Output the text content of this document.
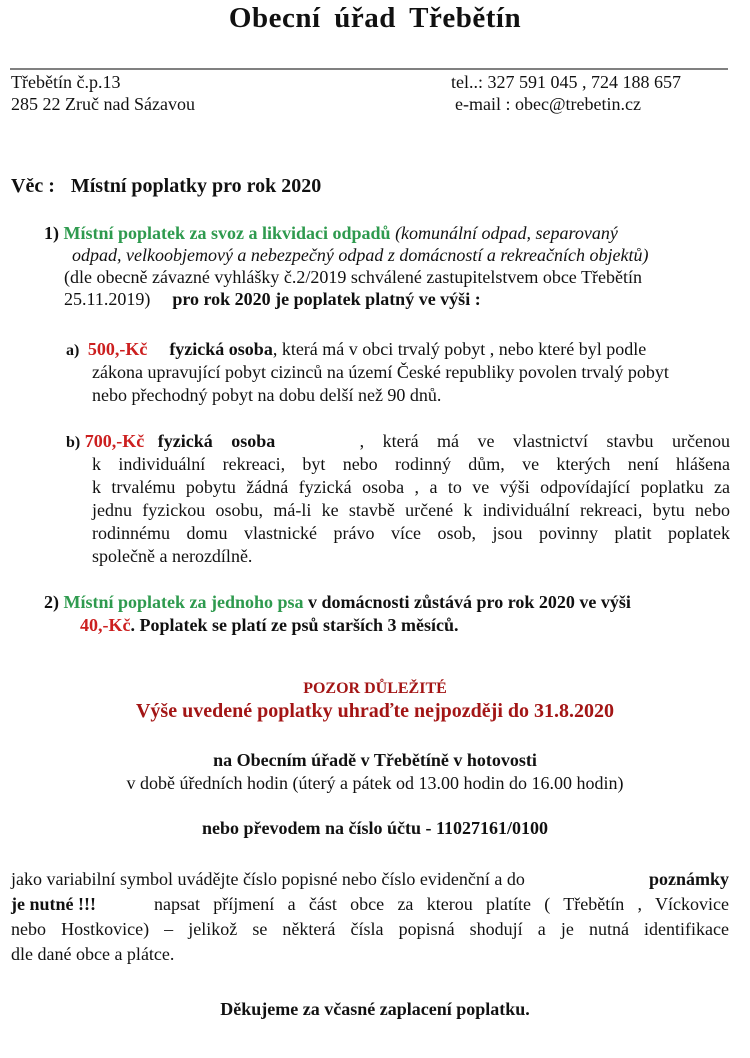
Obecní úřad Třebětín
Třebětín č.p.13
285 22 Zruč nad Sázavou
tel..: 327 591 045 , 724 188 657
e-mail : obec@trebetin.cz
Věc : Místní poplatky pro rok 2020
1) Místní poplatek za svoz a likvidaci odpadů (komunální odpad, separovaný
odpad, velkoobjemový a nebezpečný odpad z domácností a rekreačních objektů)
(dle obecně závazné vyhlášky č.2/2019 schválené zastupitelstvem obce Třebětín
25.11.2019) pro rok 2020 je poplatek platný ve výši :
a) 500,-Kč fyzická osoba, která má v obci trvalý pobyt , nebo které byl podle
zákona upravující pobyt cizinců na území České republiky povolen trvalý pobyt
nebo přechodný pobyt na dobu delší než 90 dnů.
b) 700,-Kč fyzická osoba	, která má ve vlastnictví stavbu určenou
k individuální rekreaci, byt nebo rodinný dům, ve kterých není hlášena
k trvalému pobytu žádná fyzická osoba , a to ve výši odpovídající poplatku za
jednu fyzickou osobu, má-li ke stavbě určené k individuální rekreaci, bytu nebo
rodinnému domu vlastnické právo více osob, jsou povinny platit poplatek
společně a nerozdílně.
2) Místní poplatek za jednoho psa v domácnosti zůstává pro rok 2020 ve výši
40,-Kč. Poplatek se platí ze psů starších 3 měsíců.
POZOR DŮLEŽITÉ
Výše uvedené poplatky uhraďte nejpozději do 31.8.2020
na Obecním úřadě v Třebětíně v hotovosti
v době úředních hodin (úterý a pátek od 13.00 hodin do 16.00 hodin)
nebo převodem na číslo účtu - 11027161/0100
jako variabilní symbol uvádějte číslo popisné nebo číslo evidenční a do	poznámky
je nutné !!!	napsat příjmení a část obce za kterou platíte ( Třebětín , Víckovice
nebo Hostkovice) – jelikož se některá čísla popisná shodují a je nutná identifikace
dle dané obce a plátce.
Děkujeme za včasné zaplacení poplatku.
